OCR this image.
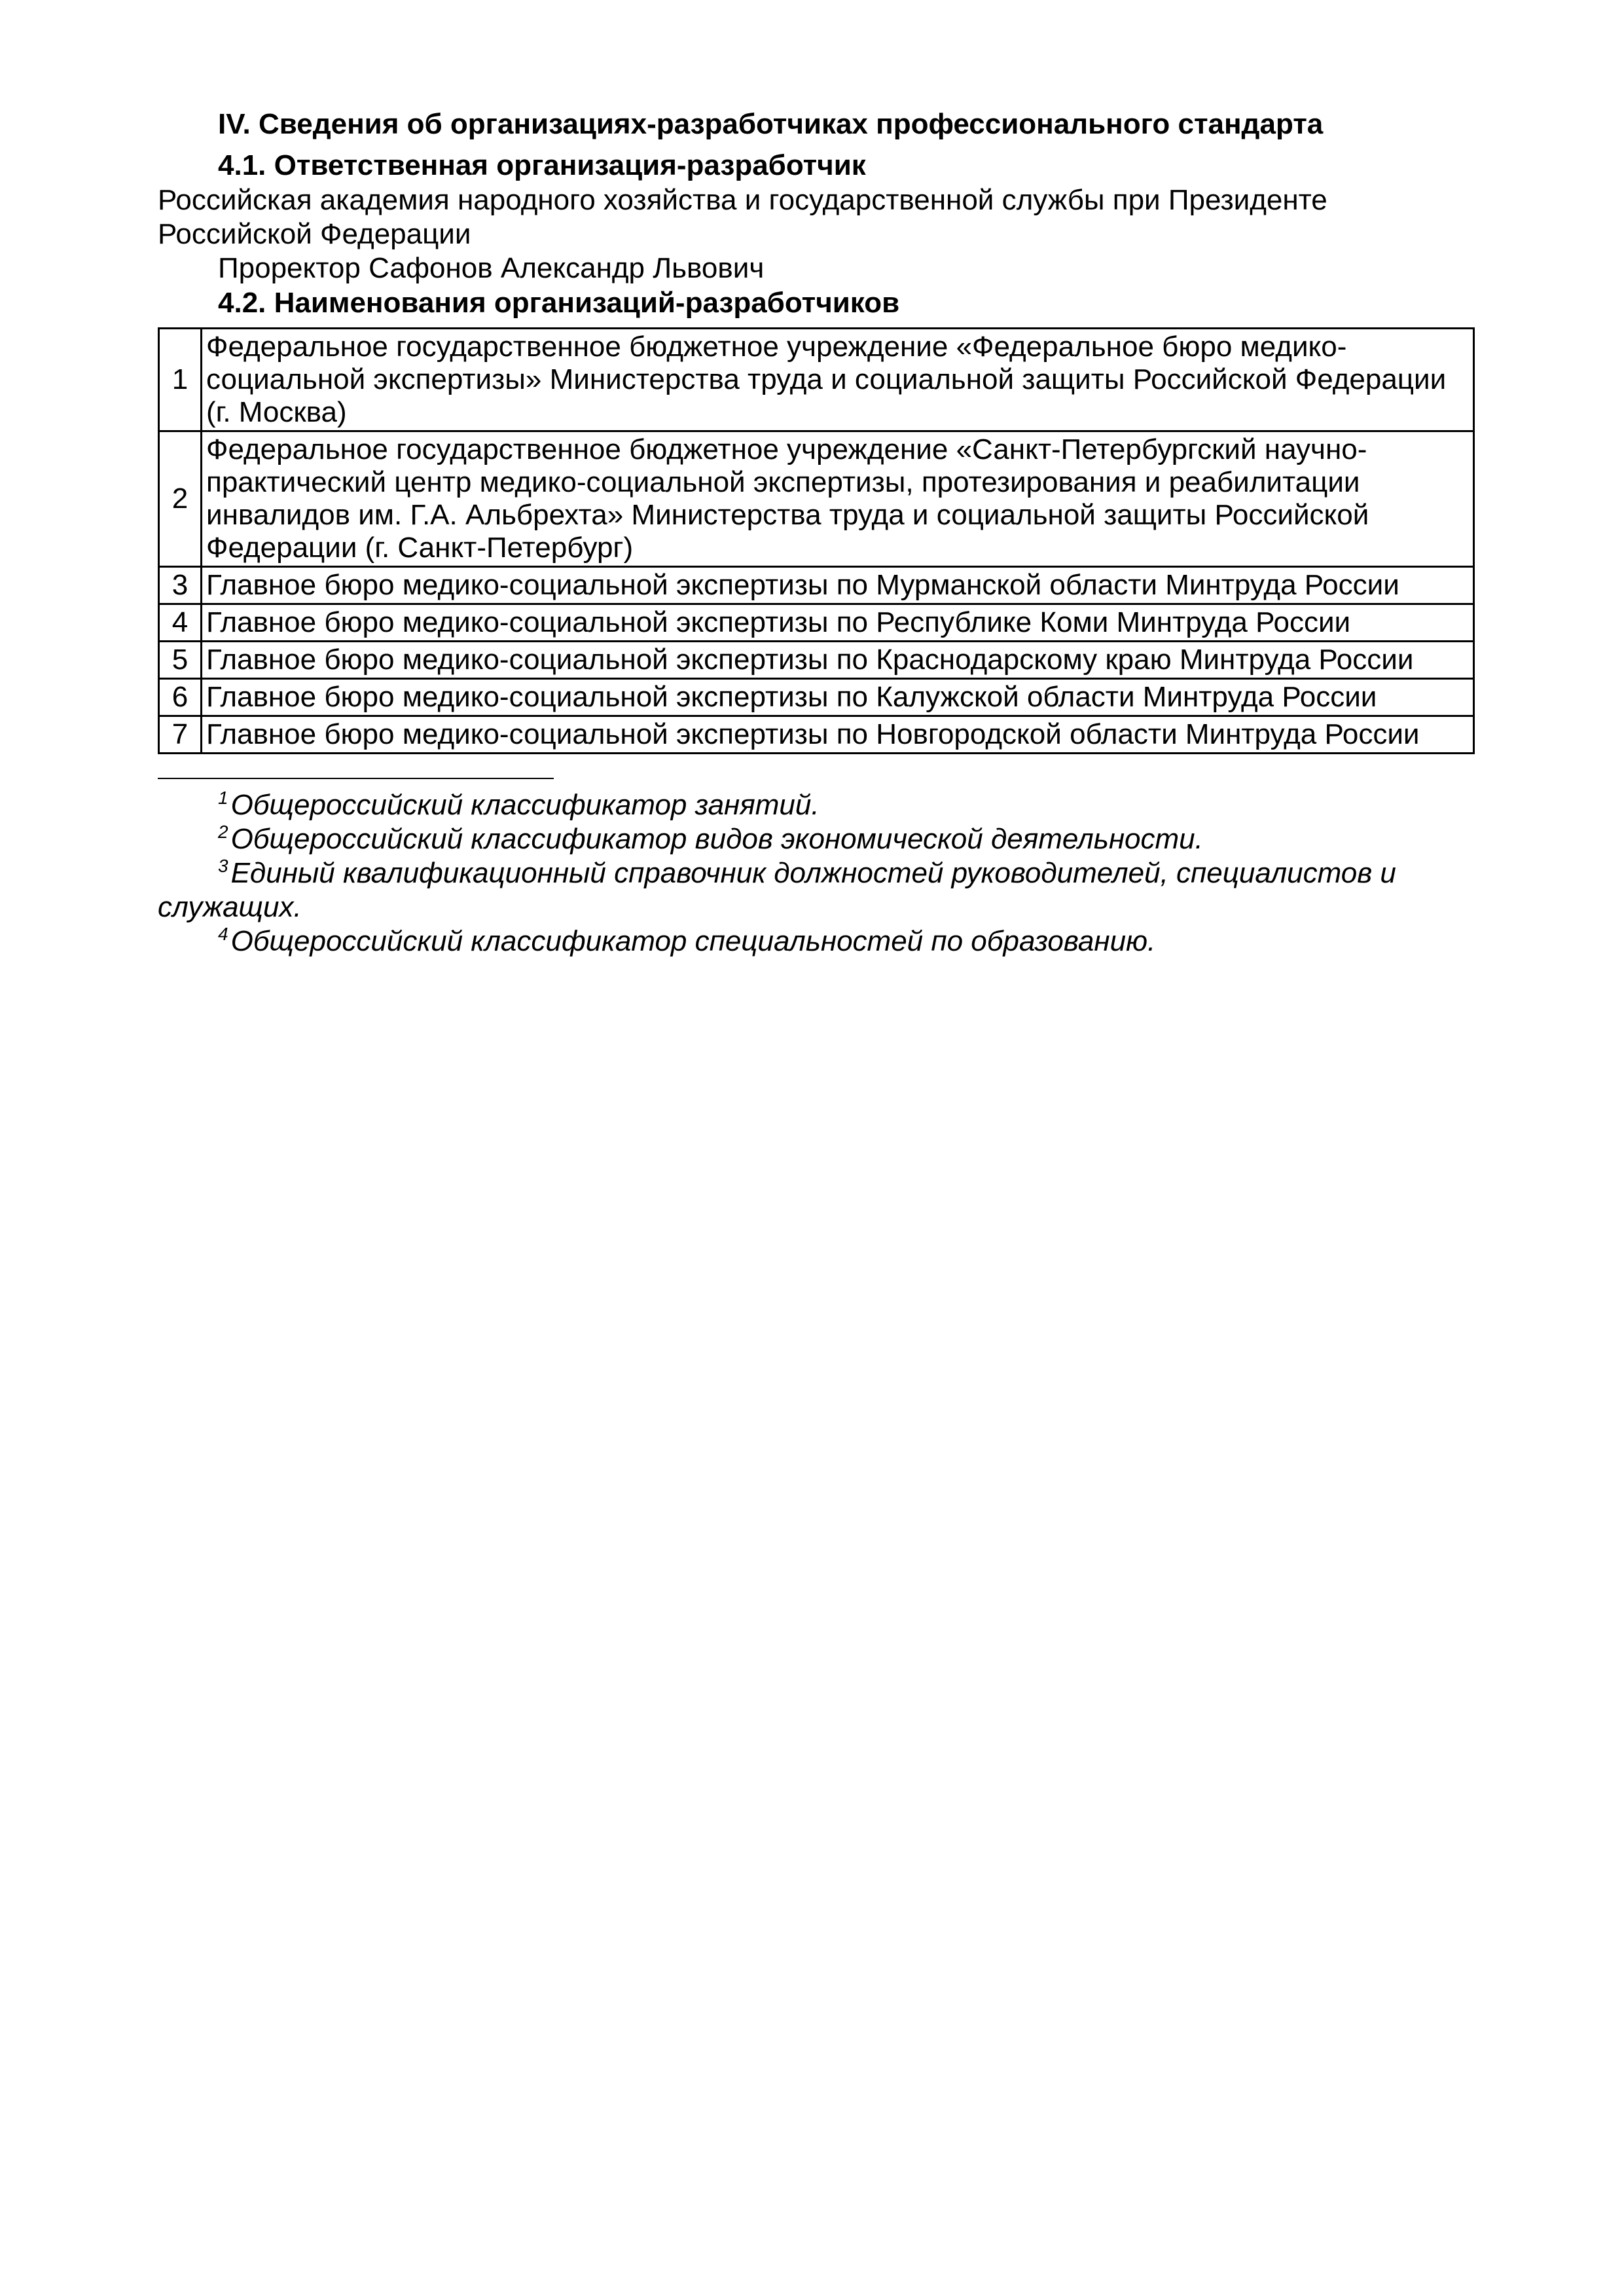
IV. Сведения об организациях-разработчиках профессионального стандарта

4.1. Ответственная организация-разработчик

Российская академия народного хозяйства и государственной службы при Президенте Российской Федерации

Проректор Сафонов Александр Львович

4.2. Наименования организаций-разработчиков

1	Федеральное государственное бюджетное учреждение «Федеральное бюро медико-социальной экспертизы» Министерства труда и социальной защиты Российской Федерации (г. Москва)
2	Федеральное государственное бюджетное учреждение «Санкт-Петербургский научно-практический центр медико-социальной экспертизы, протезирования и реабилитации инвалидов им. Г.А. Альбрехта» Министерства труда и социальной защиты Российской Федерации (г. Санкт-Петербург)
3	Главное бюро медико-социальной экспертизы по Мурманской области Минтруда России
4	Главное бюро медико-социальной экспертизы по Республике Коми Минтруда России
5	Главное бюро медико-социальной экспертизы по Краснодарскому краю Минтруда России
6	Главное бюро медико-социальной экспертизы по Калужской области Минтруда России
7	Главное бюро медико-социальной экспертизы по Новгородской области Минтруда России

$^1$Общероссийский классификатор занятий.

$^2$Общероссийский классификатор видов экономической деятельности.

$^3$Единый квалификационный справочник должностей руководителей, специалистов и служащих.

$^4$Общероссийский классификатор специальностей по образованию.
